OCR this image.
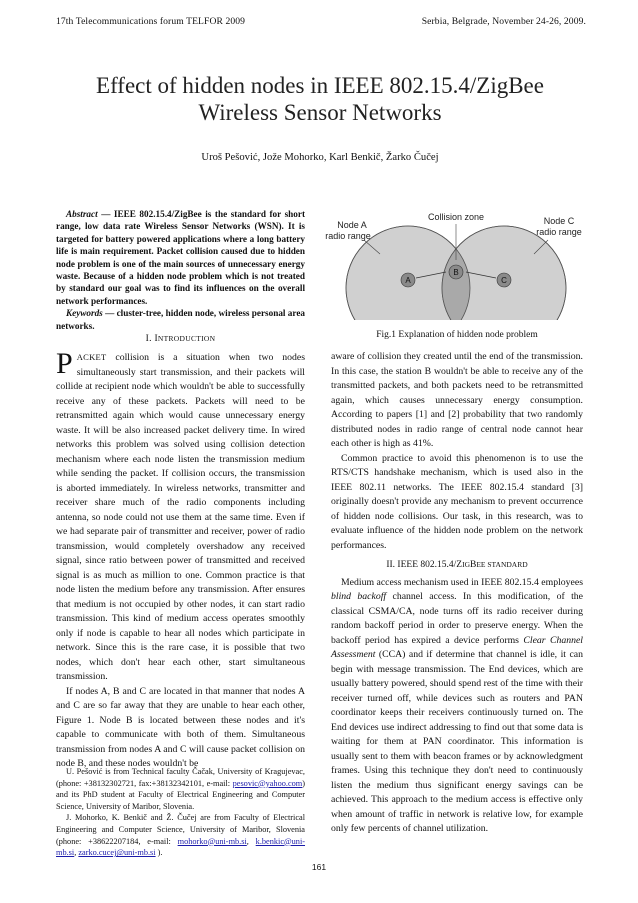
17th Telecommunications forum TELFOR 2009	Serbia, Belgrade, November 24-26, 2009.
Effect of hidden nodes in IEEE 802.15.4/ZigBee
Wireless Sensor Networks
Uroš Pešović, Jože Mohorko, Karl Benkič, Žarko Čučej

Abstract — IEEE 802.15.4/ZigBee is the standard for short range, low data rate Wireless Sensor Networks (WSN). It is targeted for battery powered applications where a long battery life is main requirement. Packet collision caused due to hidden node problem is one of the main sources of unnecessary energy waste. Because of a hidden node problem which is not treated by standard our goal was to find its influences on the overall network performances.

Keywords — cluster-tree, hidden node, wireless personal area networks.

I. INTRODUCTION

PACKET collision is a situation when two nodes simultaneously start transmission, and their packets will collide at recipient node which wouldn't be able to successfully receive any of these packets. Packets will need to be retransmitted again which would cause unnecessary energy waste. It will be also increased packet delivery time. In wired networks this problem was solved using collision detection mechanism where each node listen the transmission medium while sending the packet. If collision occurs, the transmission is aborted immediately. In wireless networks, transmitter and receiver share much of the radio components including antenna, so node could not use them at the same time. Even if we had separate pair of transmitter and receiver, power of radio transmission, would completely overshadow any received signal, since ratio between power of transmitted and received signal is as much as million to one. Common practice is that node listen the medium before any transmission. After ensures that medium is not occupied by other nodes, it can start radio transmission. This kind of medium access operates smoothly only if node is capable to hear all nodes which participate in network. Since this is the rare case, it is possible that two nodes, which don't hear each other, start simultaneous transmission.

If nodes A, B and C are located in that manner that nodes A and C are so far away that they are unable to hear each other, Figure 1. Node B is located between these nodes and it's capable to communicate with both of them. Simultaneous transmission from nodes A and C will cause packet collision on node B, and these nodes wouldn't be

U. Pešović is from Technical faculty Čačak, University of Kragujevac, (phone: +38132302721, fax:+38132342101, e-mail: pesovic@yahoo.com) and its PhD student at Faculty of Electrical Engineering and Computer Science, University of Maribor, Slovenia.

J. Mohorko, K. Benkič and Ž. Čučej are from Faculty of Electrical Engineering and Computer Science, University of Maribor, Slovenia (phone: +38622207184, e-mail: mohorko@uni-mb.si, k.benkic@uni-mb.si, zarko.cucej@uni-mb.si ).

A
B
C
Node A
radio range
Collision zone	Node C
radio range
Fig.1 Explanation of hidden node problem

aware of collision they created until the end of the transmission. In this case, the station B wouldn't be able to receive any of the transmitted packets, and both packets need to be retransmitted again, which causes unnecessary energy consumption. According to papers [1] and [2] probability that two randomly distributed nodes in radio range of central node cannot hear each other is high as 41%.

Common practice to avoid this phenomenon is to use the RTS/CTS handshake mechanism, which is used also in the IEEE 802.11 networks. The IEEE 802.15.4 standard [3] originally doesn't provide any mechanism to prevent occurrence of hidden node collisions. Our task, in this research, was to evaluate influence of the hidden node problem on the network performances.

II. IEEE 802.15.4/ZIGBEE STANDARD

Medium access mechanism used in IEEE 802.15.4 employees blind backoff channel access. In this modification, of the classical CSMA/CA, node turns off its radio receiver during random backoff period in order to preserve energy. When the backoff period has expired a device performs Clear Channel Assessment (CCA) and if determine that channel is idle, it can begin with message transmission. The End devices, which are usually battery powered, should spend rest of the time with their receiver turned off, while devices such as routers and PAN coordinator keeps their receivers continuously turned on. The End devices use indirect addressing to find out that some data is waiting for them at PAN coordinator. This information is usually sent to them with beacon frames or by acknowledgment frames. Using this technique they don't need to continuously listen the medium thus significant energy savings can be achieved. This approach to the medium access is effective only when amount of traffic in network is relative low, for example only few percents of channel utilization.

161
